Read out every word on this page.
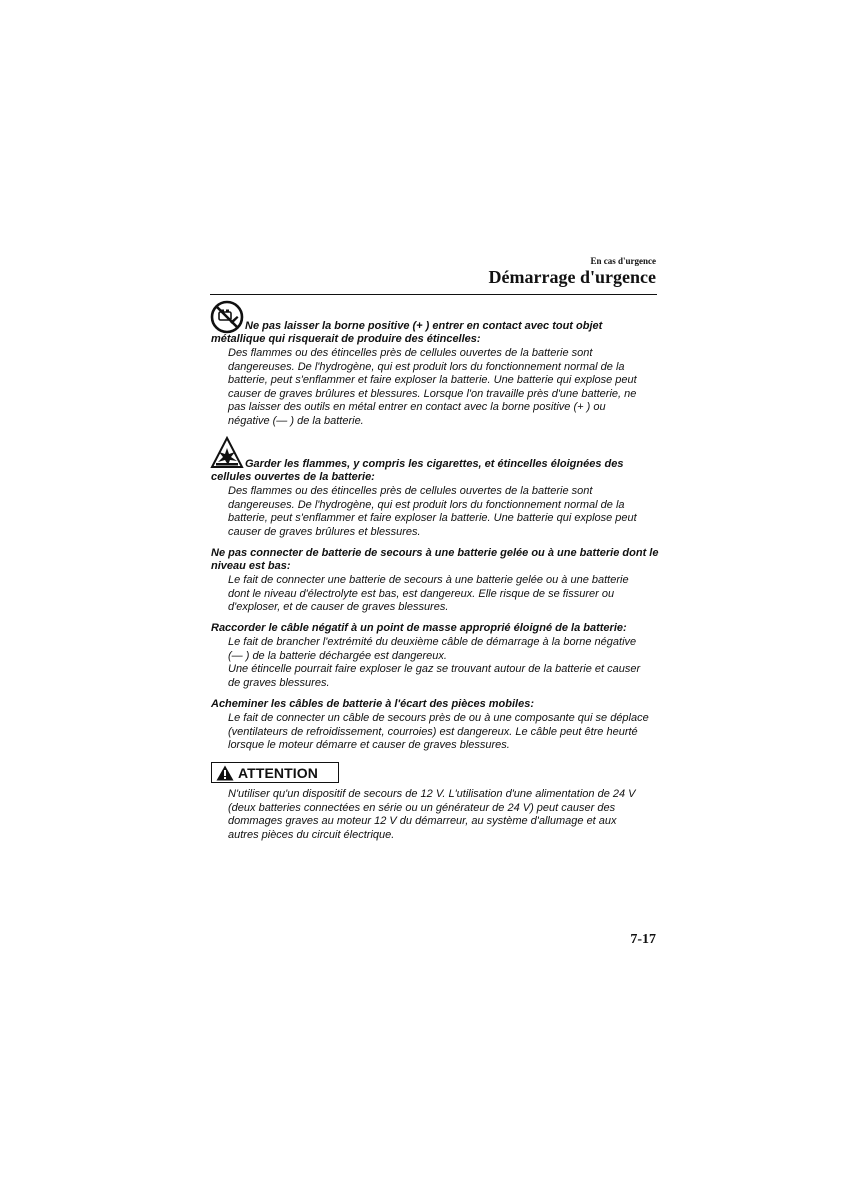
En cas d'urgence
Démarrage d'urgence
Ne pas laisser la borne positive (+ ) entrer en contact avec tout objet
métallique qui risquerait de produire des étincelles:
Des flammes ou des étincelles près de cellules ouvertes de la batterie sont
dangereuses. De l'hydrogène, qui est produit lors du fonctionnement normal de la
batterie, peut s'enflammer et faire exploser la batterie. Une batterie qui explose peut
causer de graves brûlures et blessures. Lorsque l'on travaille près d'une batterie, ne
pas laisser des outils en métal entrer en contact avec la borne positive (+ ) ou
négative (— ) de la batterie.
Garder les flammes, y compris les cigarettes, et étincelles éloignées des
cellules ouvertes de la batterie:
Des flammes ou des étincelles près de cellules ouvertes de la batterie sont
dangereuses. De l'hydrogène, qui est produit lors du fonctionnement normal de la
batterie, peut s'enflammer et faire exploser la batterie. Une batterie qui explose peut
causer de graves brûlures et blessures.
Ne pas connecter de batterie de secours à une batterie gelée ou à une batterie dont le
niveau est bas:
Le fait de connecter une batterie de secours à une batterie gelée ou à une batterie
dont le niveau d'électrolyte est bas, est dangereux. Elle risque de se fissurer ou
d'exploser, et de causer de graves blessures.
Raccorder le câble négatif à un point de masse approprié éloigné de la batterie:
Le fait de brancher l'extrémité du deuxième câble de démarrage à la borne négative
(— ) de la batterie déchargée est dangereux.
Une étincelle pourrait faire exploser le gaz se trouvant autour de la batterie et causer
de graves blessures.
Acheminer les câbles de batterie à l'écart des pièces mobiles:
Le fait de connecter un câble de secours près de ou à une composante qui se déplace
(ventilateurs de refroidissement, courroies) est dangereux. Le câble peut être heurté
lorsque le moteur démarre et causer de graves blessures.
ATTENTION
N'utiliser qu'un dispositif de secours de 12 V. L'utilisation d'une alimentation de 24 V
(deux batteries connectées en série ou un générateur de 24 V) peut causer des
dommages graves au moteur 12 V du démarreur, au système d'allumage et aux
autres pièces du circuit électrique.
7-17
